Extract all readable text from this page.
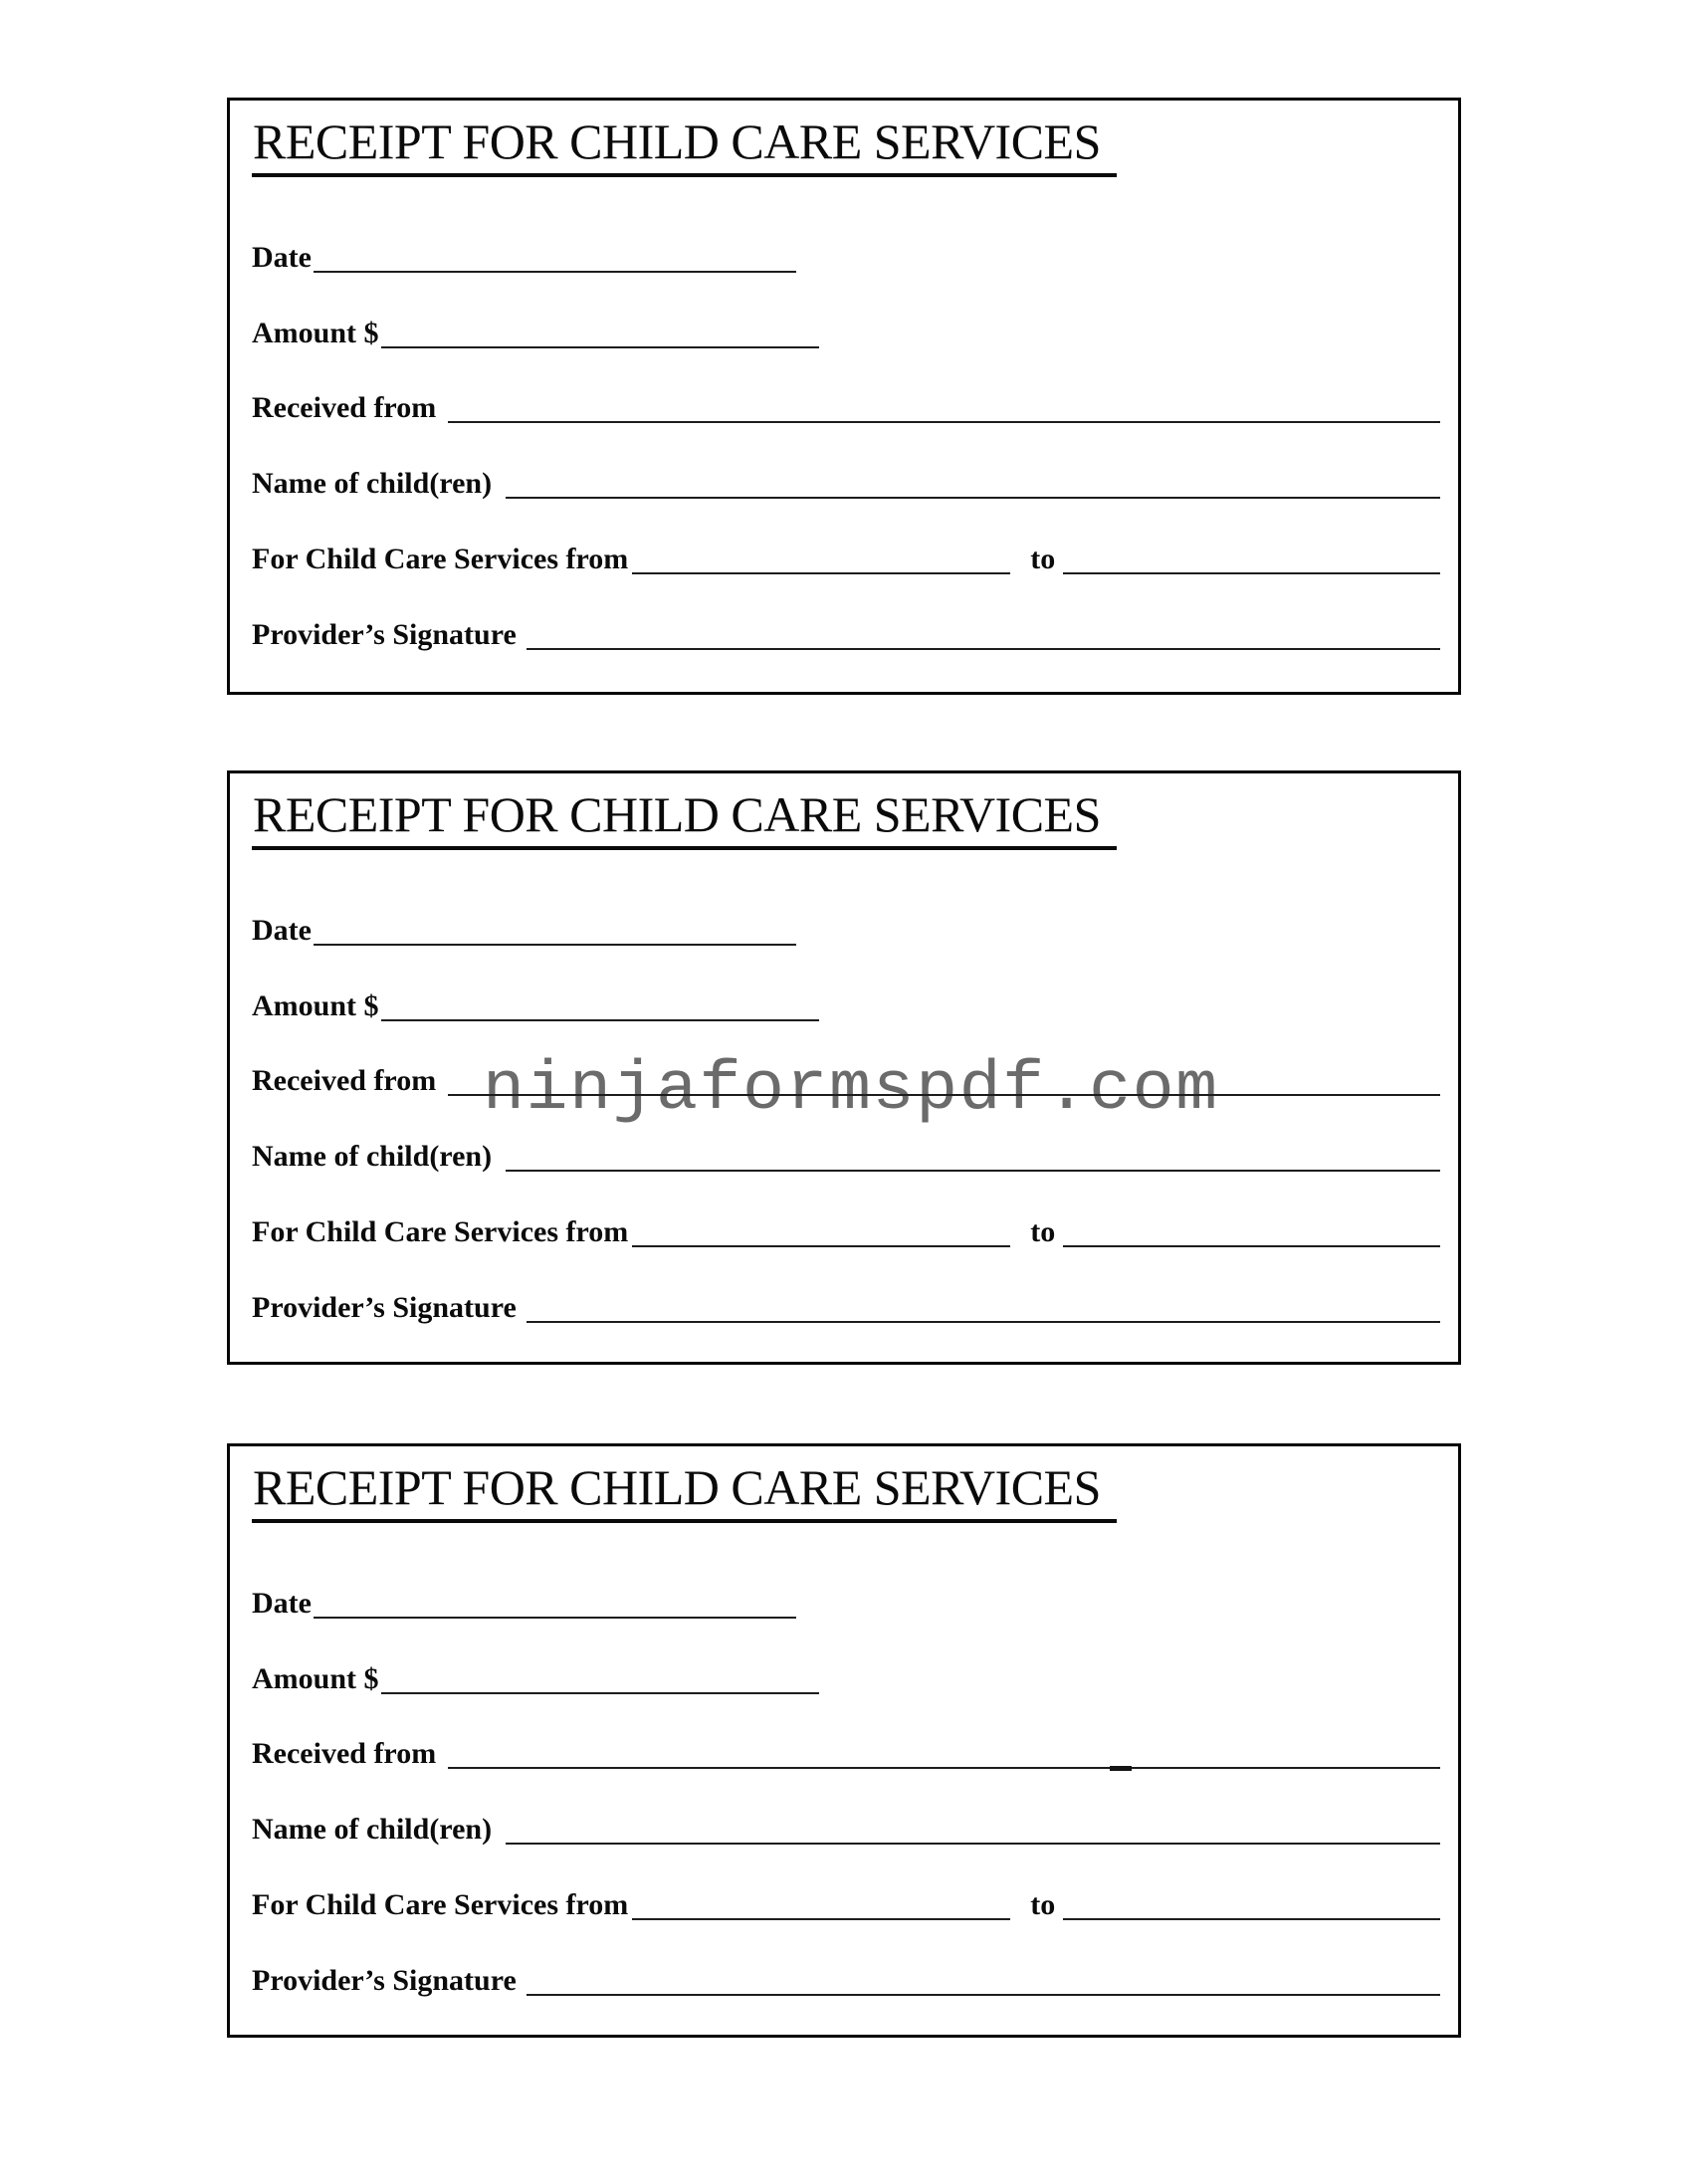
RECEIPT FOR CHILD CARE SERVICES
Date
Amount $
Received from
Name of child(ren)
For Child Care Services from	to
Provider’s Signature
ninjaformspdf.com
RECEIPT FOR CHILD CARE SERVICES
Date
Amount $
Received from
Name of child(ren)
For Child Care Services from	to
Provider’s Signature
RECEIPT FOR CHILD CARE SERVICES
Date
Amount $
Received from
Name of child(ren)
For Child Care Services from	to
Provider’s Signature
